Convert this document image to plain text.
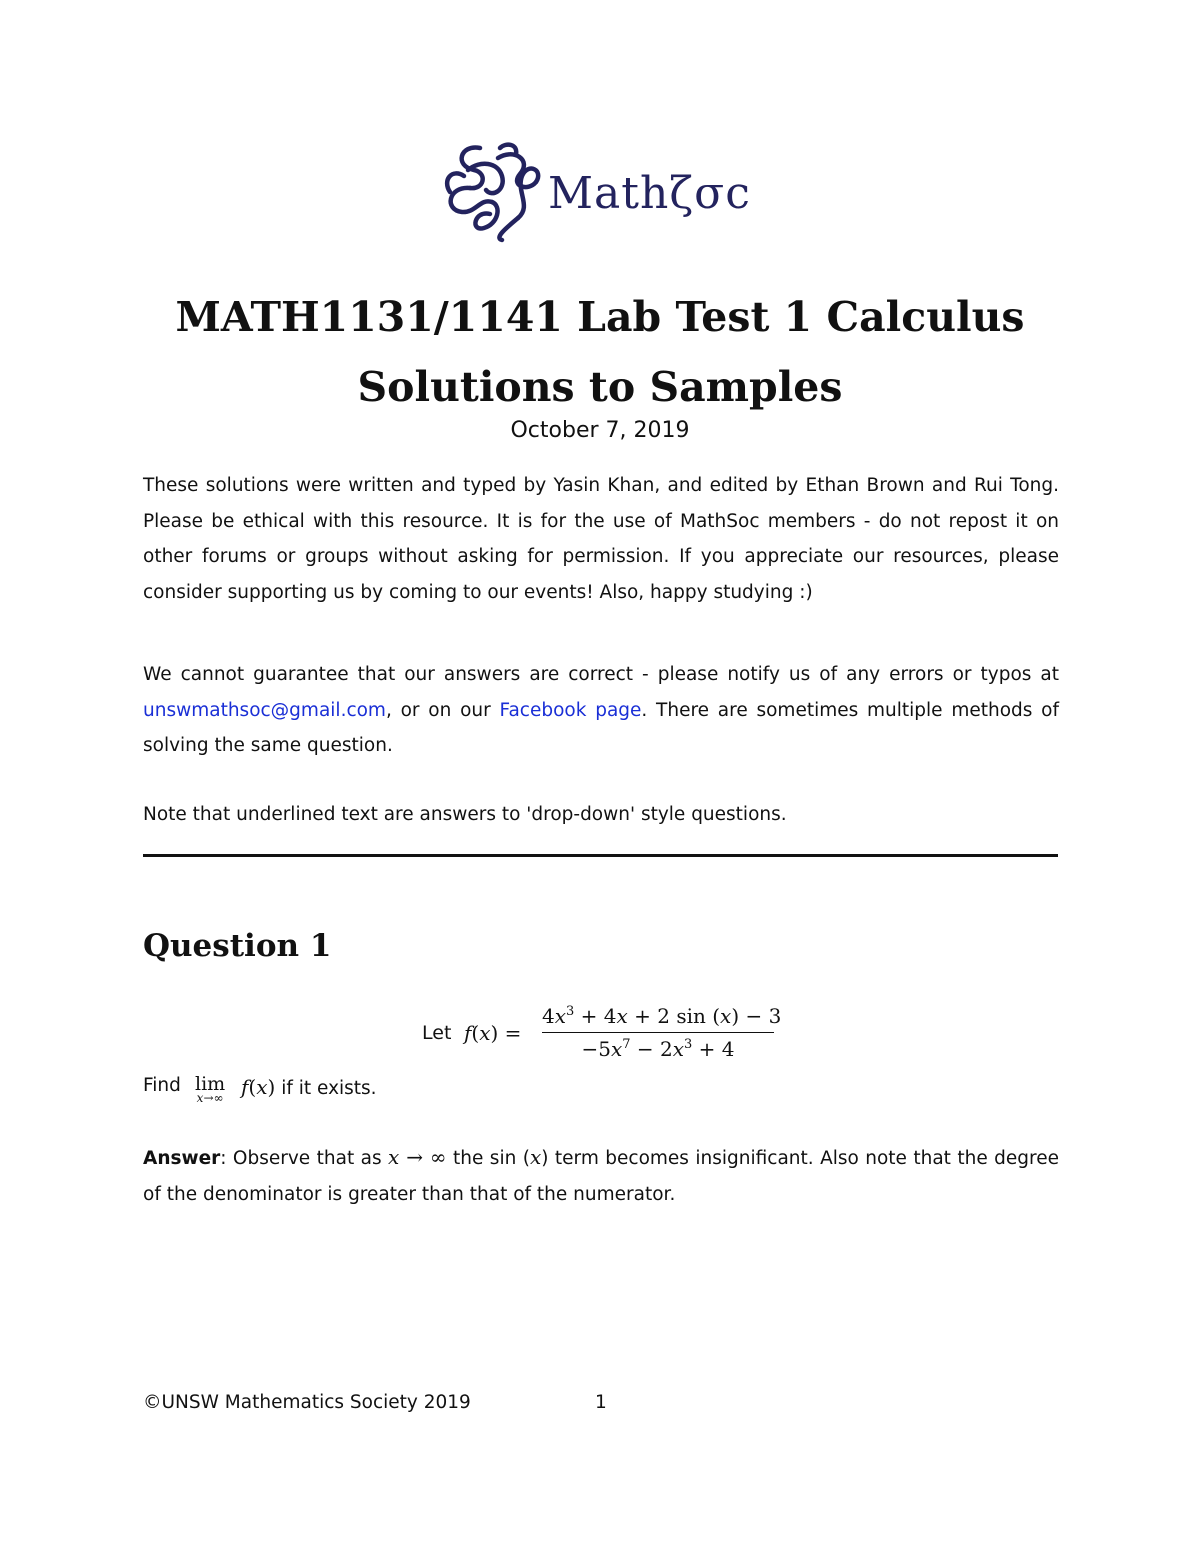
Mathζσc
MATH1131/1141 Lab Test 1 Calculus
Solutions to Samples
October 7, 2019
These solutions were written and typed by Yasin Khan, and edited by Ethan Brown and Rui Tong. Please be ethical with this resource. It is for the use of MathSoc members - do not repost it on other forums or groups without asking for permission. If you appreciate our resources, please consider supporting us by coming to our events! Also, happy studying :)
We cannot guarantee that our answers are correct - please notify us of any errors or typos at unswmathsoc@gmail.com, or on our Facebook page. There are sometimes multiple methods of solving the same question.
Note that underlined text are answers to 'drop-down' style questions.
Question 1
Let f(x) =
$4x^3 + 4x + 2$ sin (x) − 3
$-5x^7 - 2x^3 + 4$
Find lim
x→∞ f(x) if it exists.
Answer: Observe that as x → ∞ the sin (x) term becomes insignificant. Also note that the degree of the denominator is greater than that of the numerator.
©UNSW Mathematics Society 2019	1
